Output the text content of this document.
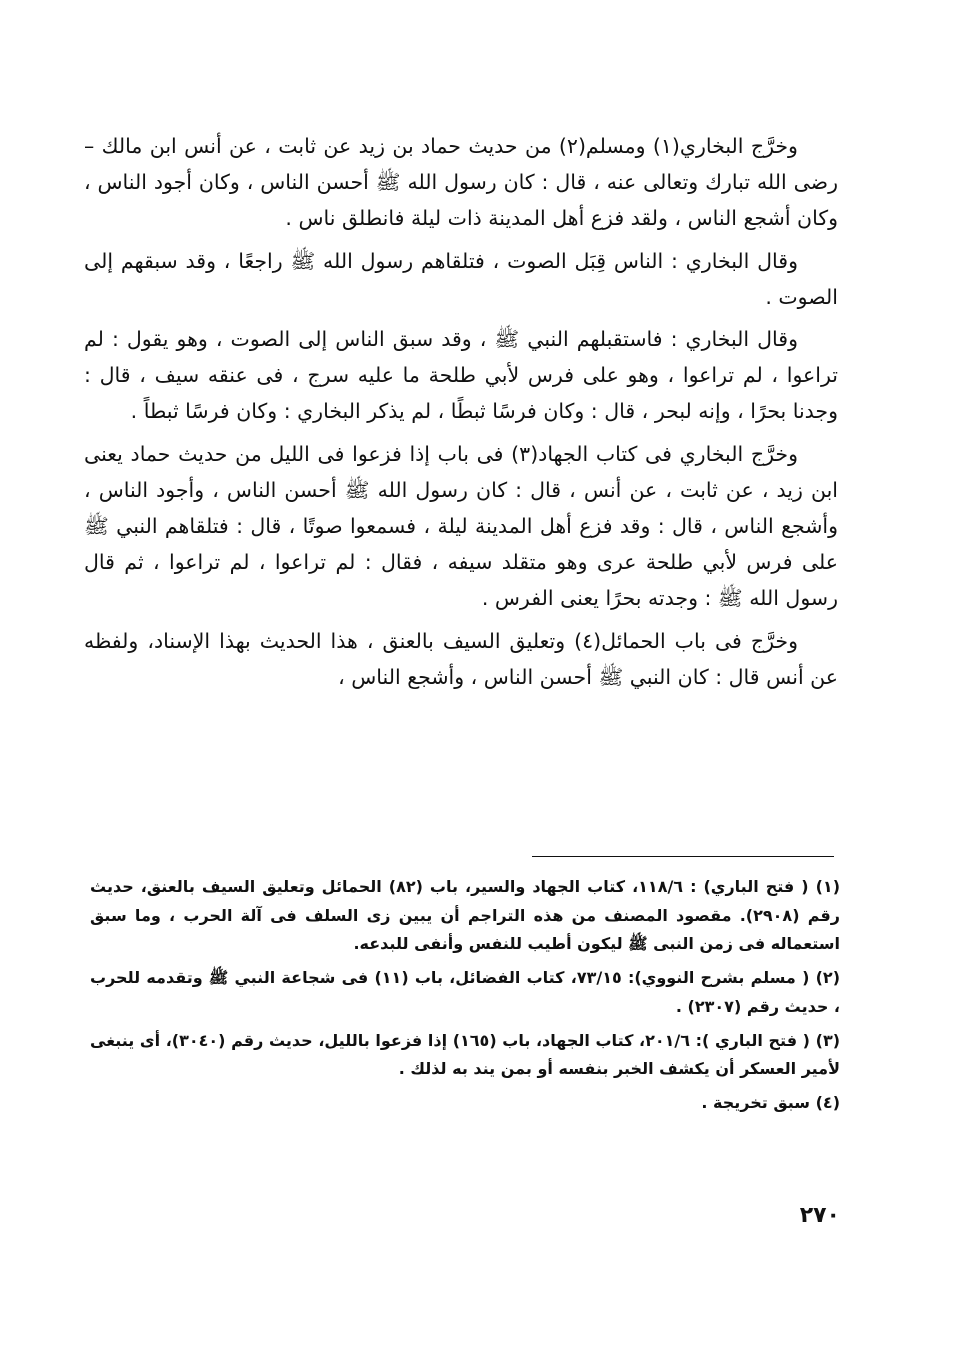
وخرَّج البخاري(١) ومسلم(٢) من حديث حماد بن زيد عن ثابت ، عن أنس ابن مالك – رضى الله تبارك وتعالى عنه ، قال : كان رسول الله ﷺ أحسن الناس ، وكان أجود الناس ، وكان أشجع الناس ، ولقد فزع أهل المدينة ذات ليلة فانطلق ناس .

وقال البخاري : الناس قِبَل الصوت ، فتلقاهم رسول الله ﷺ راجعًا ، وقد سبقهم إلى الصوت .

وقال البخاري : فاستقبلهم النبي ﷺ ، وقد سبق الناس إلى الصوت ، وهو يقول : لم تراعوا ، لم تراعوا ، وهو على فرس لأبي طلحة ما عليه سرج ، فى عنقه سيف ، قال : وجدنا بحرًا ، وإنه لبحر ، قال : وكان فرسًا ثبطًا ، لم يذكر البخاري : وكان فرسًا ثبطاً .

وخرَّج البخاري فى كتاب الجهاد(٣) فى باب إذا فزعوا فى الليل من حديث حماد يعنى ابن زيد ، عن ثابت ، عن أنس ، قال : كان رسول الله ﷺ أحسن الناس ، وأجود الناس ، وأشجع الناس ، قال : وقد فزع أهل المدينة ليلة ، فسمعوا صوتًا ، قال : فتلقاهم النبي ﷺ على فرس لأبي طلحة عرى وهو متقلد سيفه ، فقال : لم تراعوا ، لم تراعوا ، ثم قال رسول الله ﷺ : وجدته بحرًا يعنى الفرس .

وخرَّج فى باب الحمائل(٤) وتعليق السيف بالعنق ، هذا الحديث بهذا الإسناد، ولفظه عن أنس قال : كان النبي ﷺ أحسن الناس ، وأشجع الناس ،

(١) ( فتح الباري) : ١١٨/٦، كتاب الجهاد والسير، باب (٨٢) الحمائل وتعليق السيف بالعنق، حديث رقم (٢٩٠٨). مقصود المصنف من هذه التراجم أن يبين زى السلف فى آلة الحرب ، وما سبق استعماله فى زمن النبى ﷺ ليكون أطيب للنفس وأنفى للبدعه.

(٢) ( مسلم بشرح النووي): ٧٣/١٥، كتاب الفضائل، باب (١١) فى شجاعة النبي ﷺ وتقدمه للحرب ، حديث رقم (٢٣٠٧) .

(٣) ( فتح الباري ): ٢٠١/٦، كتاب الجهاد، باب (١٦٥) إذا فزعوا بالليل، حديث رقم (٣٠٤٠)، أى ينبغى لأمير العسكر أن يكشف الخبر بنفسه أو بمن يند به لذلك .

(٤) سبق تخريجة .

٢٧٠
